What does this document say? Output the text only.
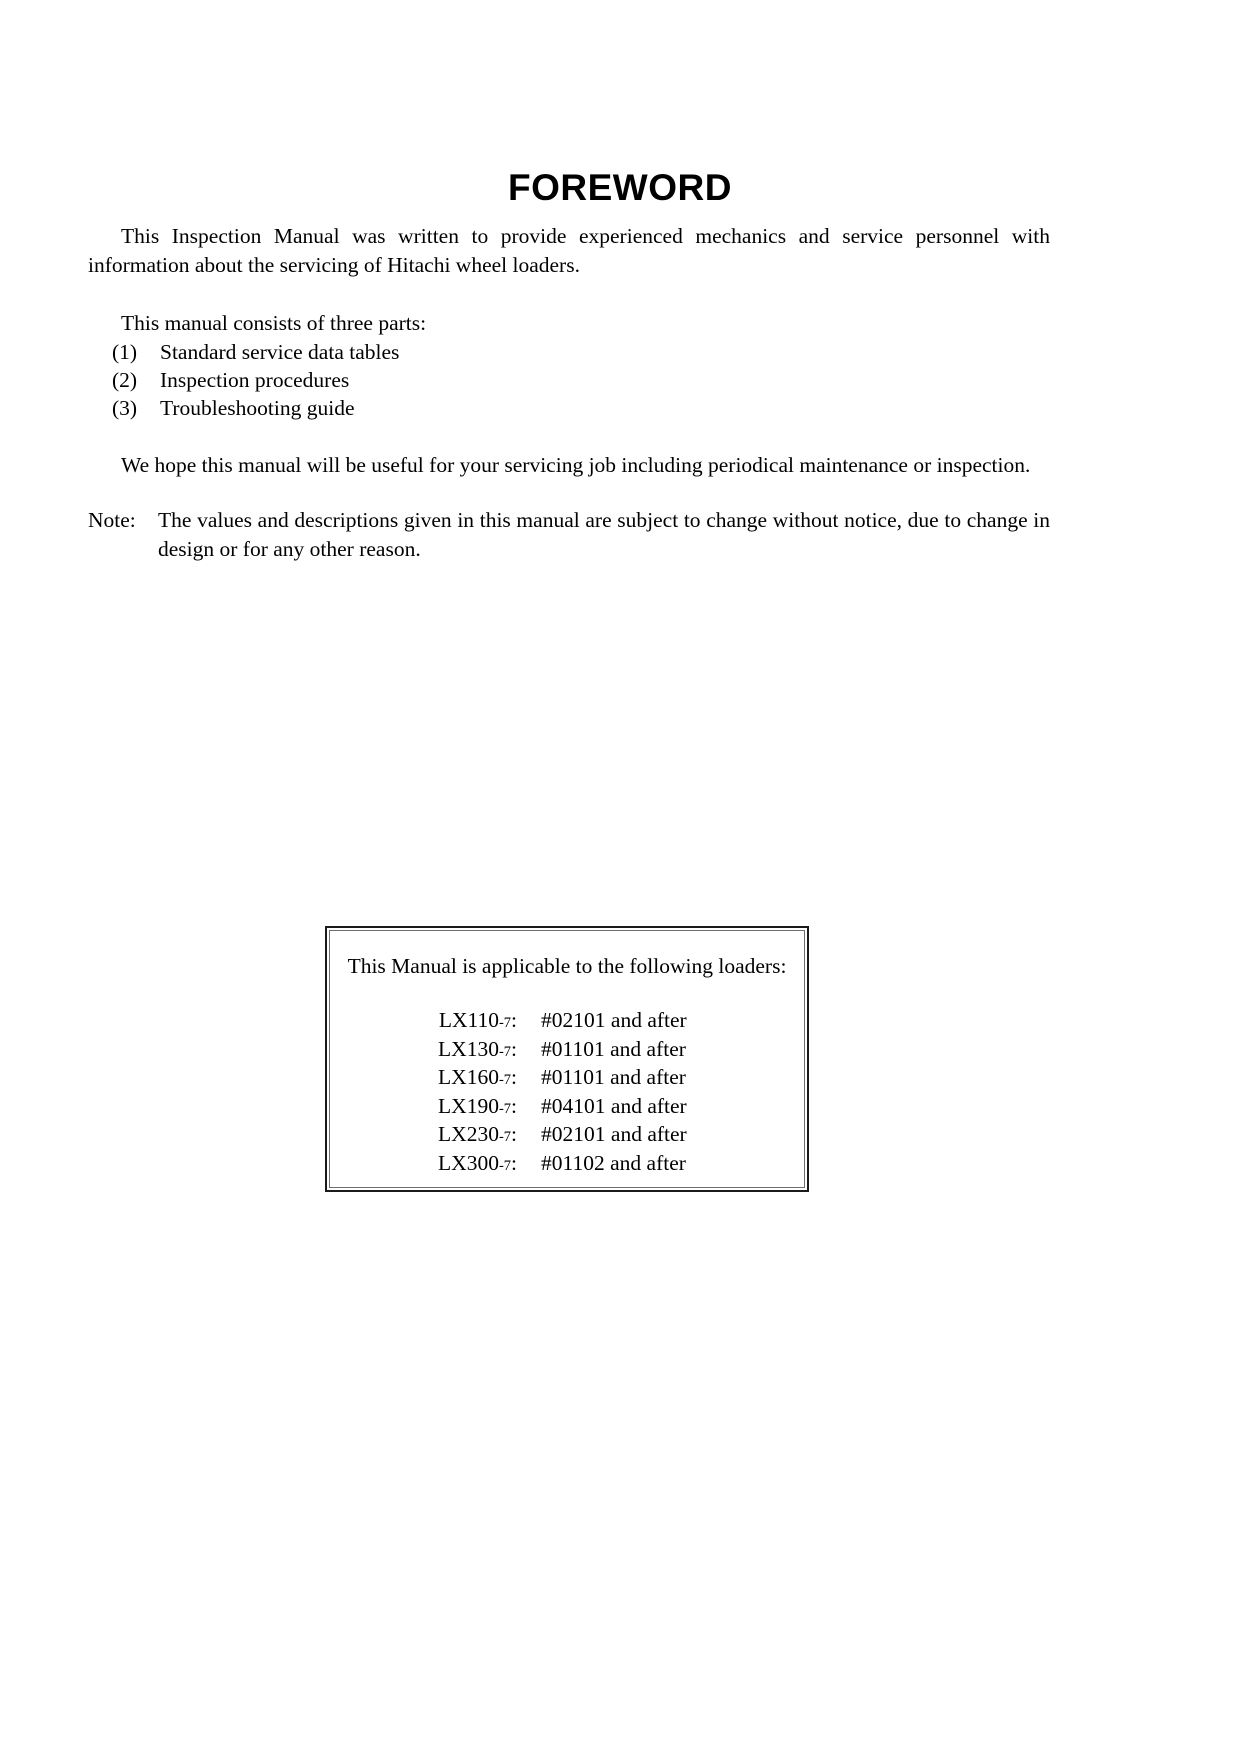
FOREWORD

This Inspection Manual was written to provide experienced mechanics and service personnel with information about the servicing of Hitachi wheel loaders.

This manual consists of three parts:

(1)	Standard service data tables
(2)	Inspection procedures
(3)	Troubleshooting guide

We hope this manual will be useful for your servicing job including periodical maintenance or inspection.

Note:	The values and descriptions given in this manual are subject to change without notice, due to change in design or for any other reason.
This Manual is applicable to the following loaders:
LX110 -7 :	#02101 and after
LX130 -7 :	#01101 and after
LX160 -7 :	#01101 and after
LX190 -7 :	#04101 and after
LX230 -7 :	#02101 and after
LX300 -7 :	#01102 and after
